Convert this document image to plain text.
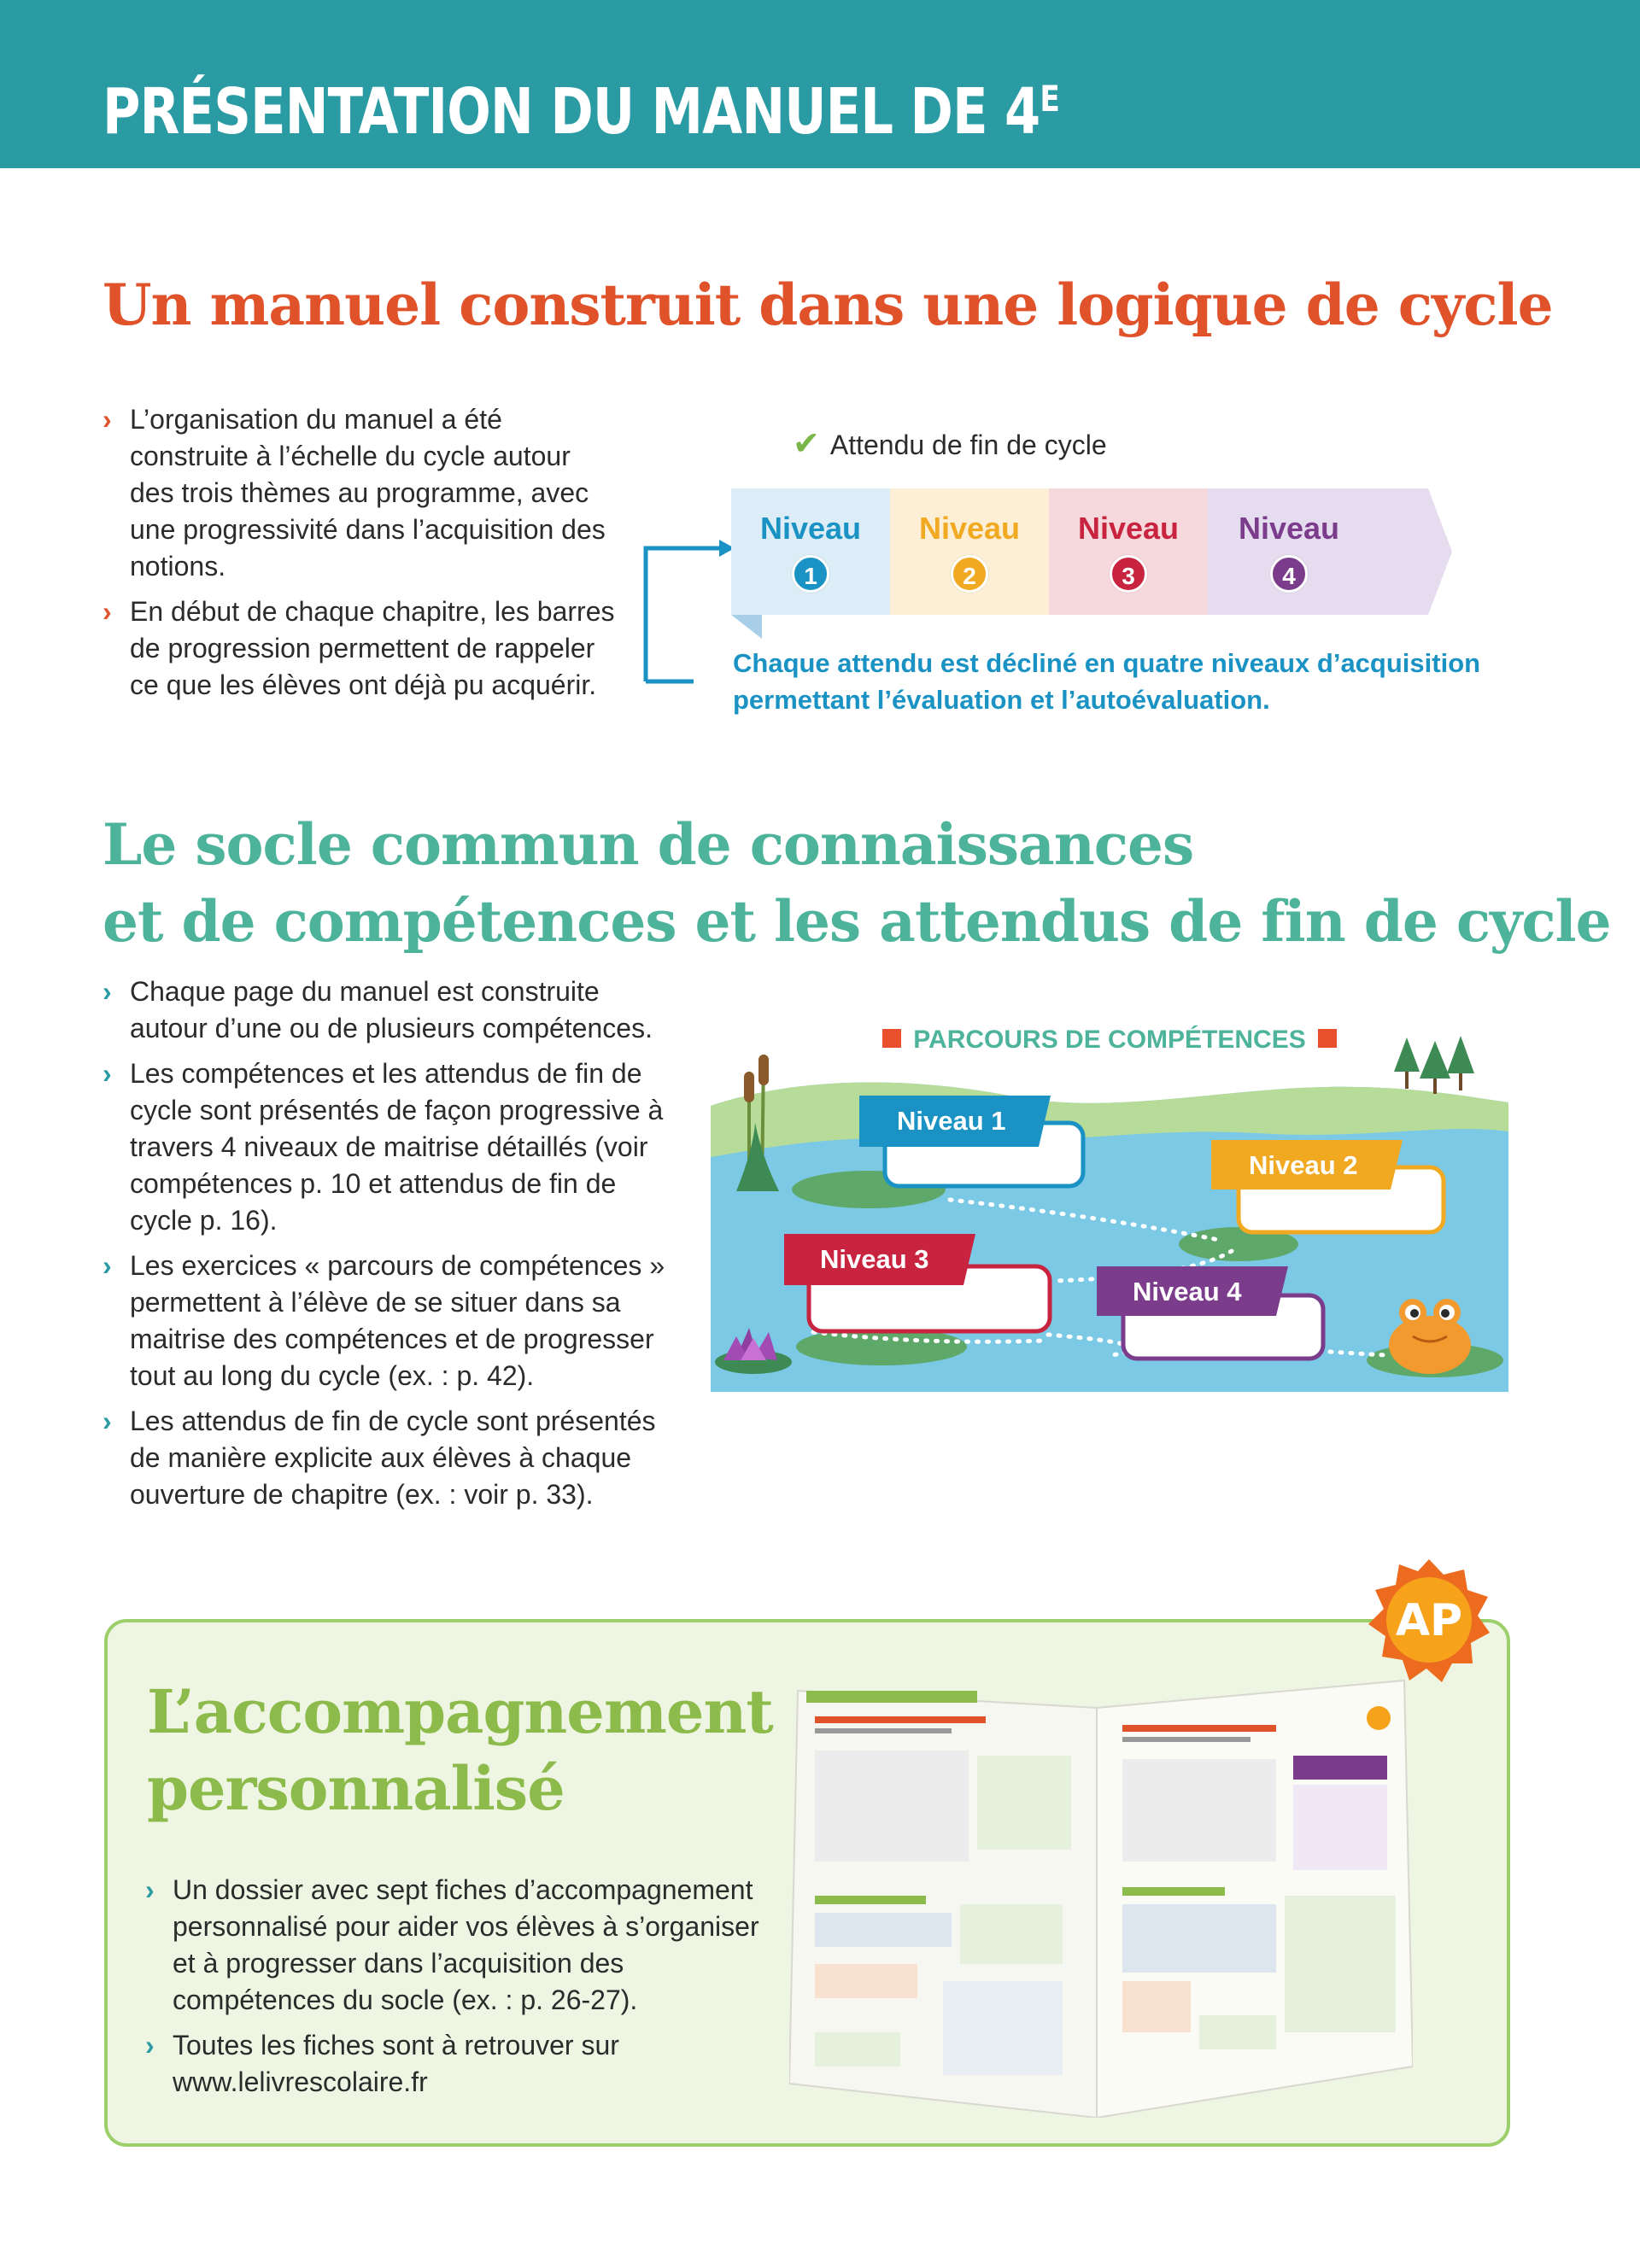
PRÉSENTATION DU MANUEL DE $4^E$
Un manuel construit dans une logique de cycle
› L’organisation du manuel a été construite à l’échelle du cycle autour des trois thèmes au programme, avec une progressivité dans l’acquisition des notions.
› En début de chaque chapitre, les barres de progression permettent de rappeler ce que les élèves ont déjà pu acquérir.
✔ Attendu de fin de cycle
Niveau
1
Niveau
2
Niveau
3
Niveau
4
Chaque attendu est décliné en quatre niveaux d’acquisition permettant l’évaluation et l’autoévaluation.
Le socle commun de connaissances
et de compétences et les attendus de fin de cycle
› Chaque page du manuel est construite autour d’une ou de plusieurs compétences.
› Les compétences et les attendus de fin de cycle sont présentés de façon progressive à travers 4 niveaux de maitrise détaillés (voir compétences p. 10 et attendus de fin de cycle p. 16).
› Les exercices « parcours de compétences » permettent à l’élève de se situer dans sa maitrise des compétences et de progresser tout au long du cycle (ex. : p. 42).
› Les attendus de fin de cycle sont présentés de manière explicite aux élèves à chaque ouverture de chapitre (ex. : voir p. 33).
PARCOURS DE COMPÉTENCES
Niveau 1
Niveau 2
Niveau 3
Niveau 4
AP
L’accompagnement
personnalisé
› Un dossier avec sept fiches d’accompagnement personnalisé pour aider vos élèves à s’organiser et à progresser dans l’acquisition des compétences du socle (ex. : p. 26-27).
› Toutes les fiches sont à retrouver sur www.lelivrescolaire.fr
